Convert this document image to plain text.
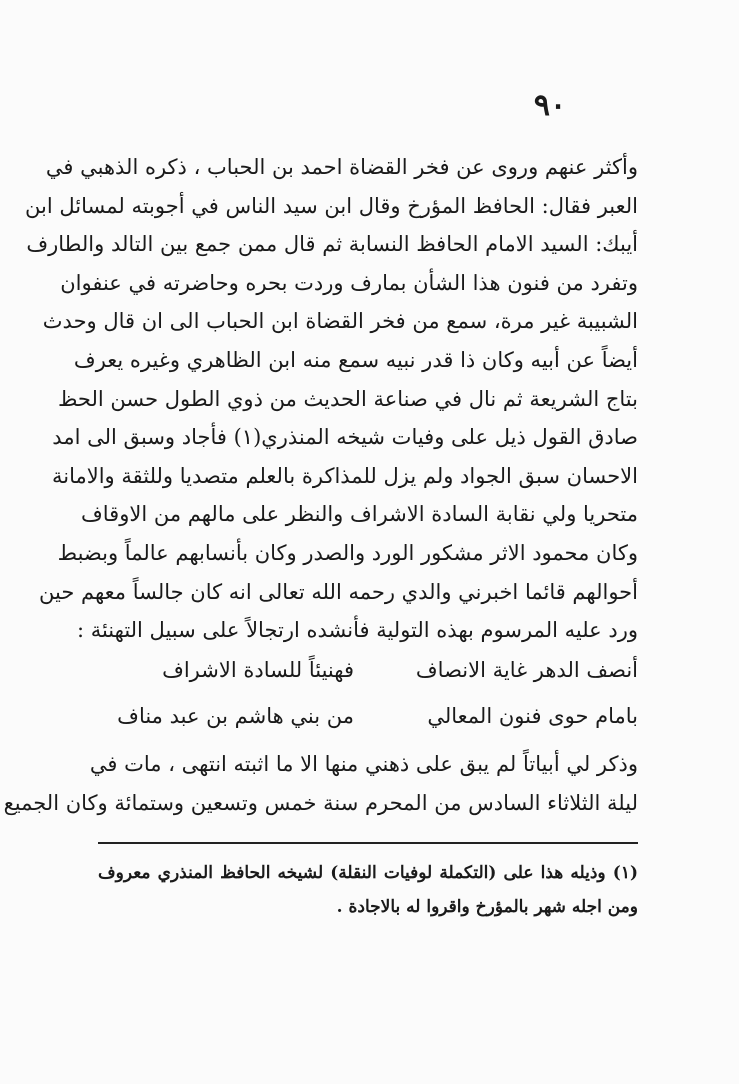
٩٠
وأكثر عنهم وروى عن فخر القضاة احمد بن الحباب ، ذكره الذهبي في
العبر فقال: الحافظ المؤرخ وقال ابن سيد الناس في أجوبته لمسائل ابن
أيبك: السيد الامام الحافظ النسابة ثم قال ممن جمع بين التالد والطارف
وتفرد من فنون هذا الشأن بمارف وردت بحره وحاضرته في عنفوان
الشبيبة غير مرة، سمع من فخر القضاة ابن الحباب الى ان قال وحدث
أيضاً عن أبيه وكان ذا قدر نبيه سمع منه ابن الظاهري وغيره يعرف
بتاج الشريعة ثم نال في صناعة الحديث من ذوي الطول حسن الحظ
صادق القول ذيل على وفيات شيخه المنذري(١) فأجاد وسبق الى امد
الاحسان سبق الجواد ولم يزل للمذاكرة بالعلم متصديا وللثقة والامانة
متحريا ولي نقابة السادة الاشراف والنظر على مالهم من الاوقاف
وكان محمود الاثر مشكور الورد والصدر وكان بأنسابهم عالماً وبضبط
أحوالهم قائما اخبرني والدي رحمه الله تعالى انه كان جالساً معهم حين
ورد عليه المرسوم بهذه التولية فأنشده ارتجالاً على سبيل التهنئة :
أنصف الدهر غاية الانصاف
فهنيئاً للسادة الاشراف
بامام حوى فنون المعالي
من بني هاشم بن عبد مناف
وذكر لي أبياتاً لم يبق على ذهني منها الا ما اثبته انتهى ، مات في
ليلة الثلاثاء السادس من المحرم سنة خمس وتسعين وستمائة وكان الجميع
(١) وذيله هذا على (التكملة لوفيات النقلة) لشيخه الحافظ المنذري معروف
ومن اجله شهر بالمؤرخ واقروا له بالاجادة .
